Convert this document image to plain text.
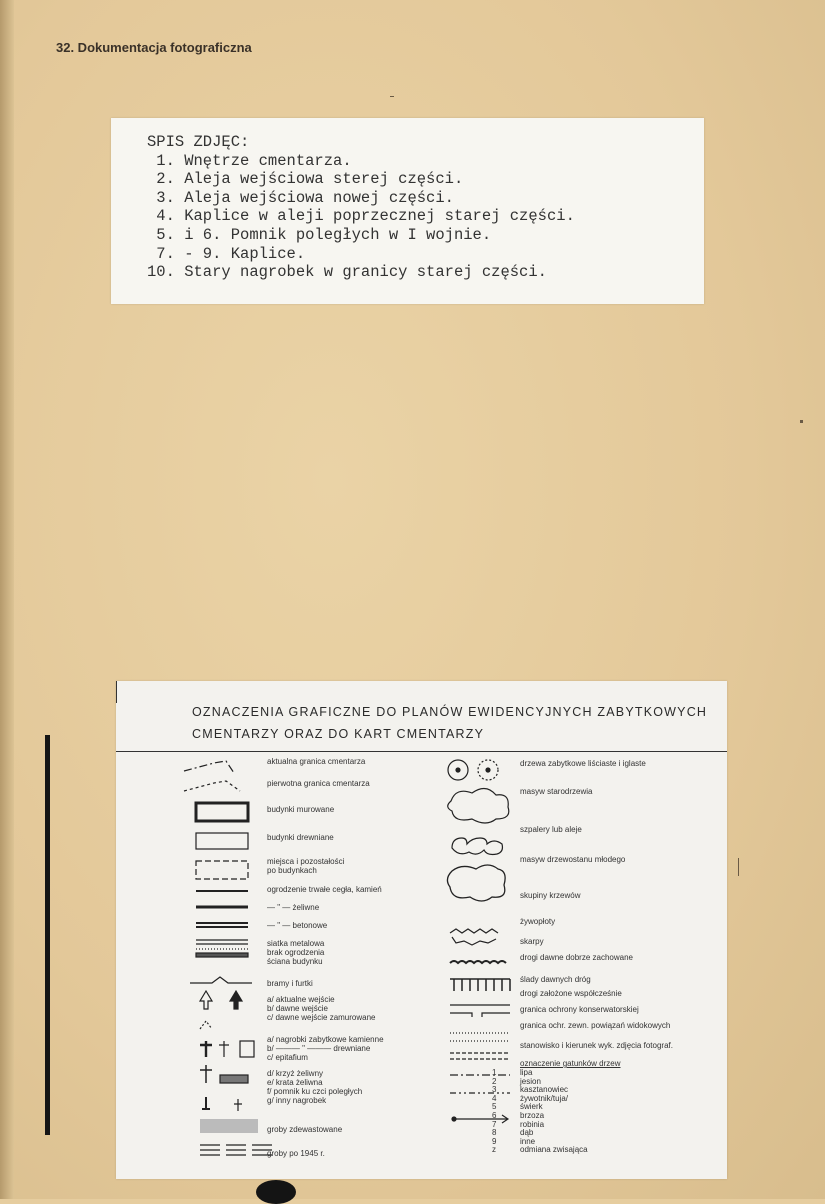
32. Dokumentacja fotograficzna
SPIS ZDJĘC:
1. Wnętrze cmentarza.
2. Aleja wejściowa sterej części.
3. Aleja wejściowa nowej części.
4. Kaplice w aleji poprzecznej starej części.
5. i 6. Pomnik poległych w I wojnie.
7. - 9. Kaplice.
10. Stary nagrobek w granicy starej części.
OZNACZENIA GRAFICZNE DO PLANÓW EWIDENCYJNYCH ZABYTKOWYCH
CMENTARZY ORAZ DO KART CMENTARZY
aktualna granica cmentarza
pierwotna granica cmentarza
budynki murowane
budynki drewniane
miejsca i pozostałości
po budynkach
ogrodzenie trwałe cegła, kamień
— " — żeliwne
— " — betonowe
siatka metalowa
brak ogrodzenia
ściana budynku
bramy i furtki
a/ aktualne wejście
b/ dawne wejście
c/ dawne wejście zamurowane
a/ nagrobki zabytkowe kamienne
b/ ——— " ——— drewniane
c/ epitafium
d/ krzyż żeliwny
e/ krata żeliwna
f/ pomnik ku czci poległych
g/ inny nagrobek
groby zdewastowane
groby po 1945 r.
drzewa zabytkowe liściaste i iglaste
masyw starodrzewia
szpalery lub aleje
masyw drzewostanu młodego
skupiny krzewów
żywopłoty
skarpy
drogi dawne dobrze zachowane
ślady dawnych dróg
drogi założone współcześnie
granica ochrony konserwatorskiej
granica ochr. zewn. powiązań widokowych
stanowisko i kierunek wyk. zdjęcia fotograf.
oznaczenie gatunków drzew
1	lipa
2	jesion
3	kasztanowiec
4	żywotnik/tuja/
5	świerk
6	brzoza
7	robinia
8	dąb
9	inne
z	odmiana zwisająca
